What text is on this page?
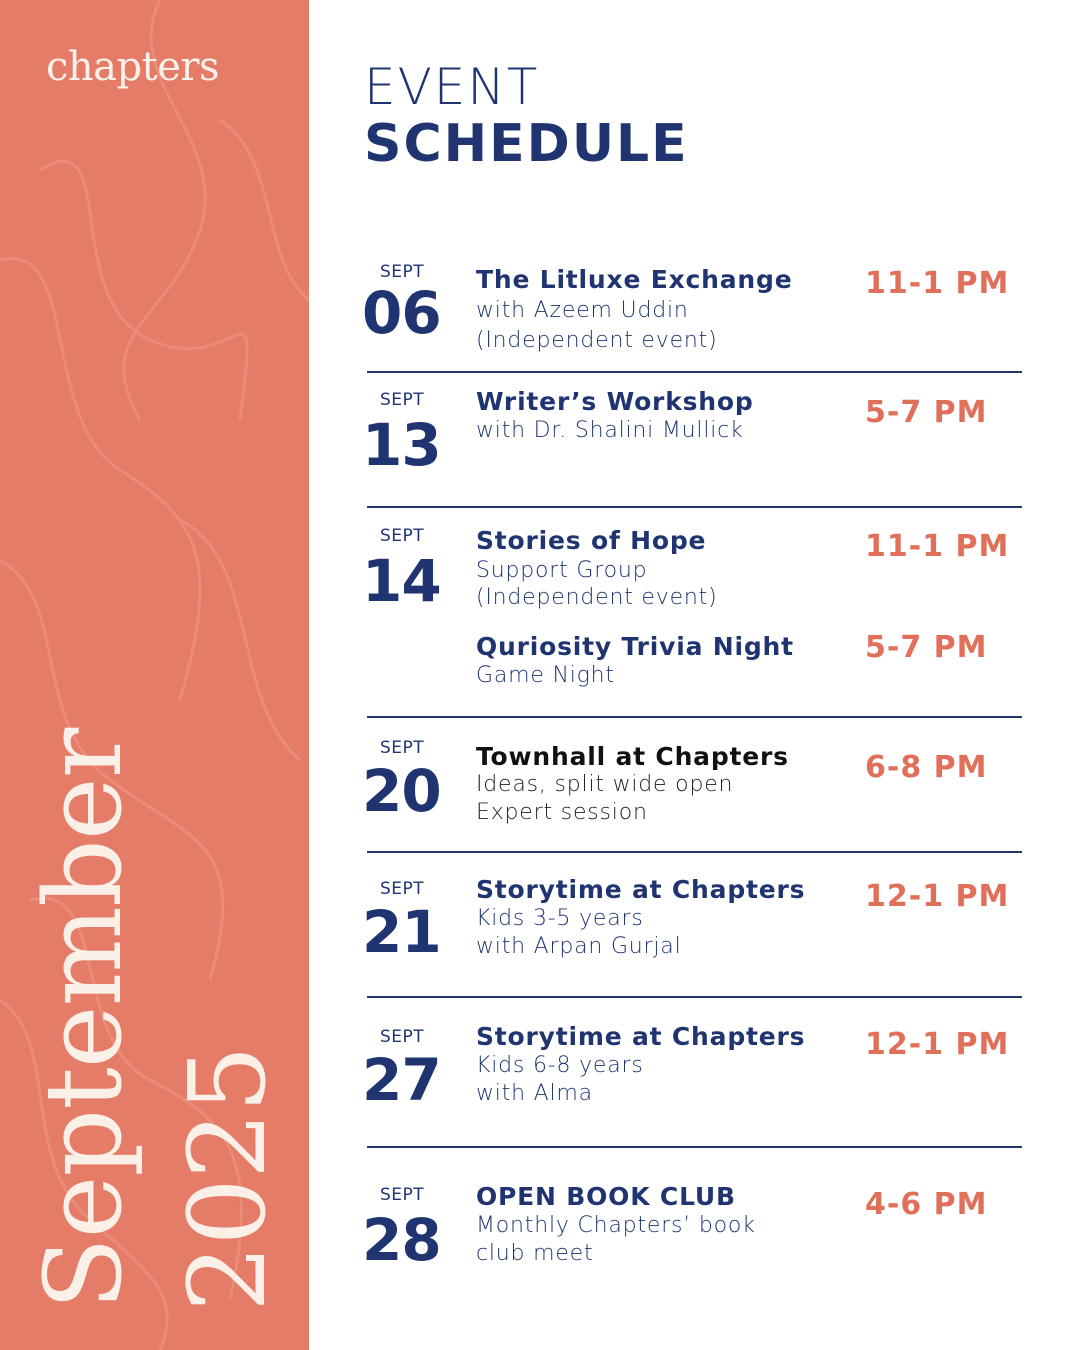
chapters
September 2025
EVENT
SCHEDULE
SEPT
06 The Litluxe Exchange
with Azeem Uddin
(Independent event)
11-1 PM
SEPT
13
Writer’s Workshop
with Dr. Shalini Mullick
5-7 PM
SEPT
14
Stories of Hope
Support Group
(Independent event)
11-1 PM
Quriosity Trivia Night
Game Night
5-7 PM
SEPT
20
Townhall at Chapters
Ideas, split wide open
Expert session
6-8 PM
SEPT
21
Storytime at Chapters
Kids 3-5 years
with Arpan Gurjal
12-1 PM
SEPT
27
Storytime at Chapters
Kids 6-8 years
with Alma
12-1 PM
SEPT
28
OPEN BOOK CLUB
Monthly Chapters’ book
club meet
4-6 PM
